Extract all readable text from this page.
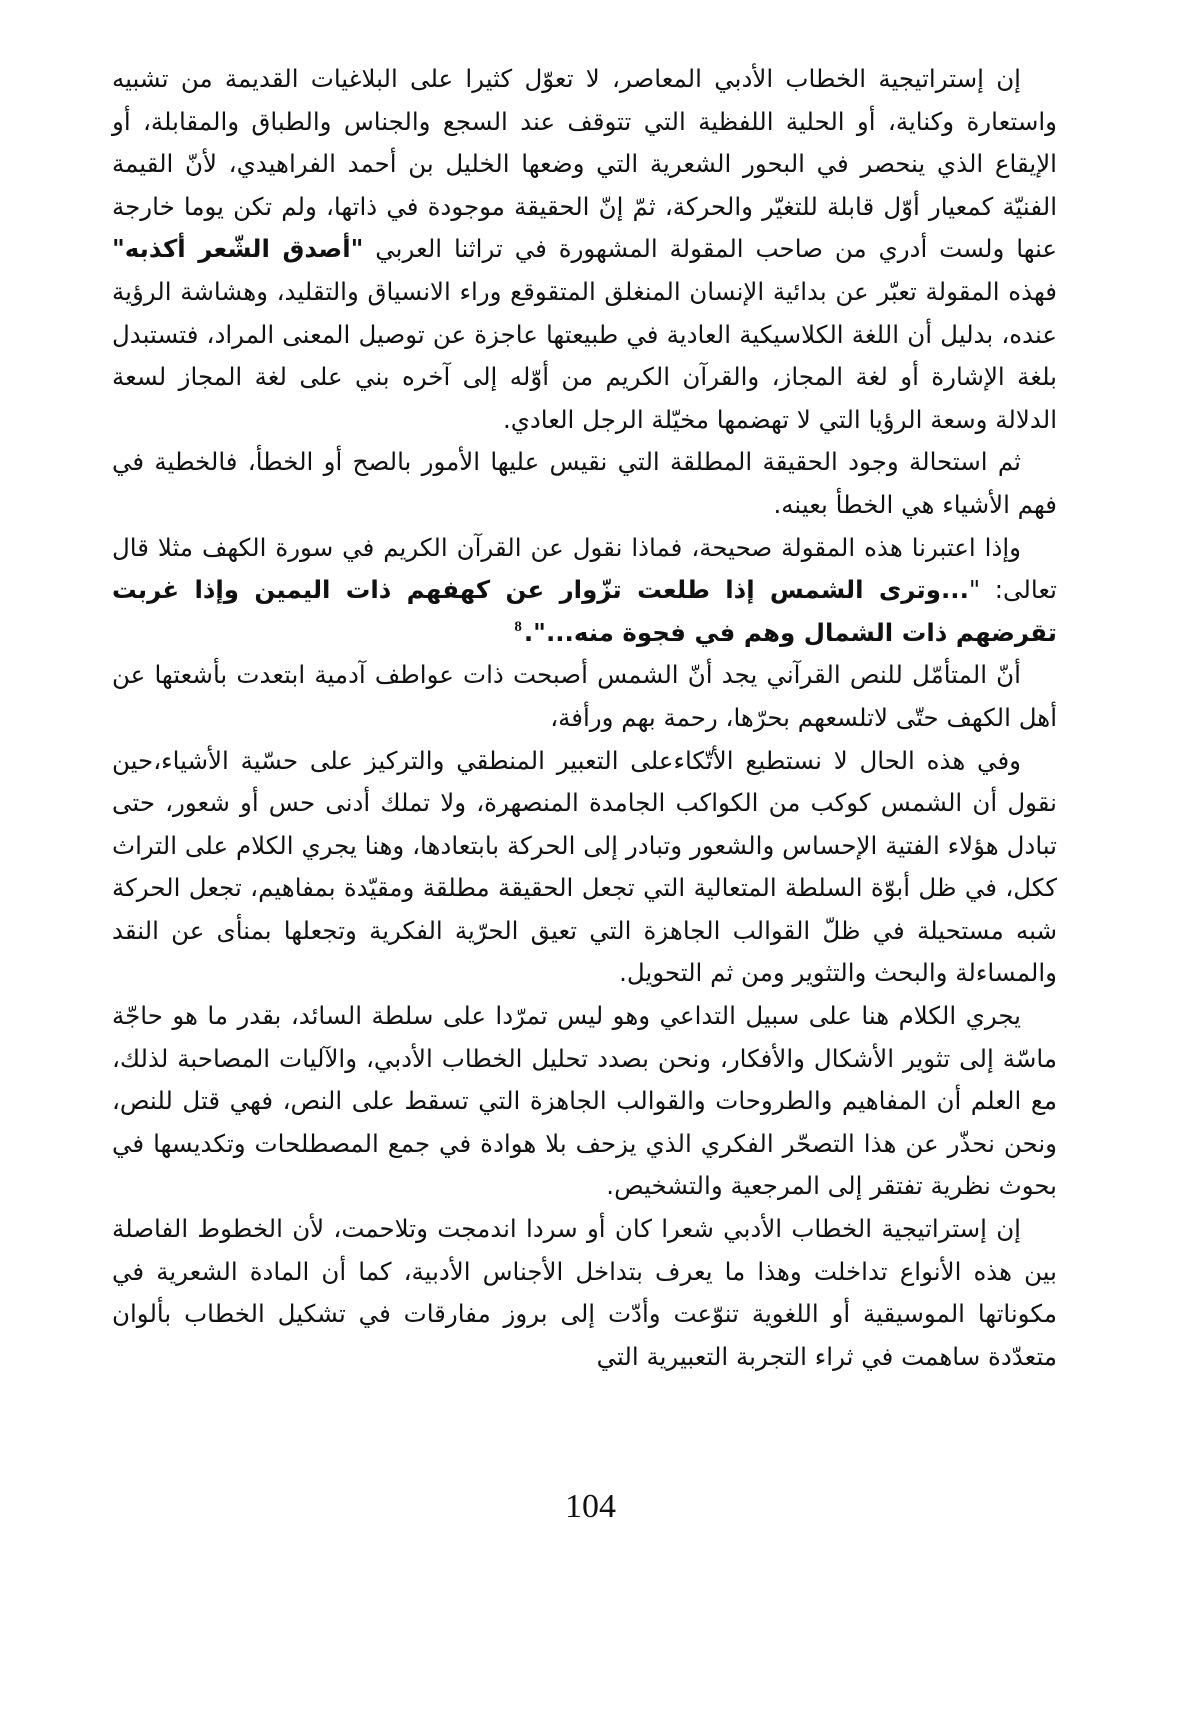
إن إستراتيجية الخطاب الأدبي المعاصر، لا تعوّل كثيرا على البلاغيات القديمة من تشبيه واستعارة وكناية، أو الحلية اللفظية التي تتوقف عند السجع والجناس والطباق والمقابلة، أو الإيقاع الذي ينحصر في البحور الشعرية التي وضعها الخليل بن أحمد الفراهيدي، لأنّ القيمة الفنيّة كمعيار أوّل قابلة للتغيّر والحركة، ثمّ إنّ الحقيقة موجودة في ذاتها، ولم تكن يوما خارجة عنها ولست أدري من صاحب المقولة المشهورة في تراثنا العربي "أصدق الشّعر أكذبه" فهذه المقولة تعبّر عن بدائية الإنسان المنغلق المتقوقع وراء الانسياق والتقليد، وهشاشة الرؤية عنده، بدليل أن اللغة الكلاسيكية العادية في طبيعتها عاجزة عن توصيل المعنى المراد، فتستبدل بلغة الإشارة أو لغة المجاز، والقرآن الكريم من أوّله إلى آخره بني على لغة المجاز لسعة الدلالة وسعة الرؤيا التي لا تهضمها مخيّلة الرجل العادي.

ثم استحالة وجود الحقيقة المطلقة التي نقيس عليها الأمور بالصح أو الخطأ، فالخطية في فهم الأشياء هي الخطأ بعينه.

وإذا اعتبرنا هذه المقولة صحيحة، فماذا نقول عن القرآن الكريم في سورة الكهف مثلا قال تعالى: "...وترى الشمس إذا طلعت تزّوار عن كهفهم ذات اليمين وإذا غربت تقرضهم ذات الشمال وهم في فجوة منه...".$^8$

أنّ المتأمّل للنص القرآني يجد أنّ الشمس أصبحت ذات عواطف آدمية ابتعدت بأشعتها عن أهل الكهف حتّى لاتلسعهم بحرّها، رحمة بهم ورأفة،

وفي هذه الحال لا نستطيع الأتّكاءعلى التعبير المنطقي والتركيز على حسّية الأشياء،حين نقول أن الشمس كوكب من الكواكب الجامدة المنصهرة، ولا تملك أدنى حس أو شعور، حتى تبادل هؤلاء الفتية الإحساس والشعور وتبادر إلى الحركة بابتعادها، وهنا يجري الكلام على التراث ككل، في ظل أبوّة السلطة المتعالية التي تجعل الحقيقة مطلقة ومقيّدة بمفاهيم، تجعل الحركة شبه مستحيلة في ظلّ القوالب الجاهزة التي تعيق الحرّية الفكرية وتجعلها بمنأى عن النقد والمساءلة والبحث والتثوير ومن ثم التحويل.

يجري الكلام هنا على سبيل التداعي وهو ليس تمرّدا على سلطة السائد، بقدر ما هو حاجّة ماسّة إلى تثوير الأشكال والأفكار، ونحن بصدد تحليل الخطاب الأدبي، والآليات المصاحبة لذلك، مع العلم أن المفاهيم والطروحات والقوالب الجاهزة التي تسقط على النص، فهي قتل للنص، ونحن نحذّر عن هذا التصحّر الفكري الذي يزحف بلا هوادة في جمع المصطلحات وتكديسها في بحوث نظرية تفتقر إلى المرجعية والتشخيص.

إن إستراتيجية الخطاب الأدبي شعرا كان أو سردا اندمجت وتلاحمت، لأن الخطوط الفاصلة بين هذه الأنواع تداخلت وهذا ما يعرف بتداخل الأجناس الأدبية، كما أن المادة الشعرية في مكوناتها الموسيقية أو اللغوية تنوّعت وأدّت إلى بروز مفارقات في تشكيل الخطاب بألوان متعدّدة ساهمت في ثراء التجربة التعبيرية التي

104
